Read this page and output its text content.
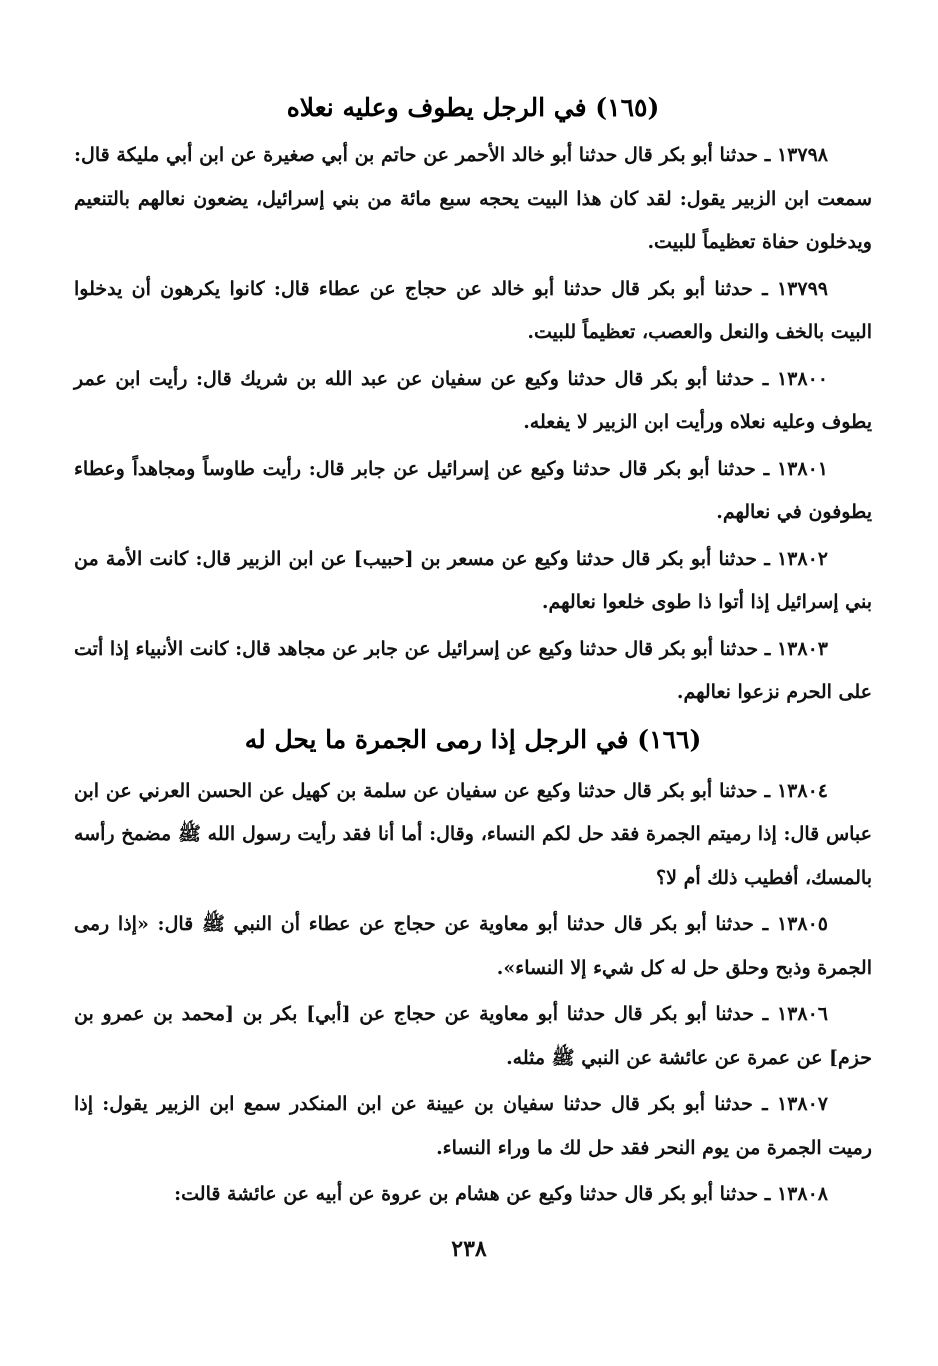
(١٦٥) في الرجل يطوف وعليه نعلاه

١٣٧٩٨ ـ حدثنا أبو بكر قال حدثنا أبو خالد الأحمر عن حاتم بن أبي صغيرة عن ابن أبي مليكة قال: سمعت ابن الزبير يقول: لقد كان هذا البيت يحجه سبع مائة من بني إسرائيل، يضعون نعالهم بالتنعيم ويدخلون حفاة تعظيماً للبيت.

١٣٧٩٩ ـ حدثنا أبو بكر قال حدثنا أبو خالد عن حجاج عن عطاء قال: كانوا يكرهون أن يدخلوا البيت بالخف والنعل والعصب، تعظيماً للبيت.

١٣٨٠٠ ـ حدثنا أبو بكر قال حدثنا وكيع عن سفيان عن عبد الله بن شريك قال: رأيت ابن عمر يطوف وعليه نعلاه ورأيت ابن الزبير لا يفعله.

١٣٨٠١ ـ حدثنا أبو بكر قال حدثنا وكيع عن إسرائيل عن جابر قال: رأيت طاوساً ومجاهداً وعطاء يطوفون في نعالهم.

١٣٨٠٢ ـ حدثنا أبو بكر قال حدثنا وكيع عن مسعر بن [حبيب] عن ابن الزبير قال: كانت الأمة من بني إسرائيل إذا أتوا ذا طوى خلعوا نعالهم.

١٣٨٠٣ ـ حدثنا أبو بكر قال حدثنا وكيع عن إسرائيل عن جابر عن مجاهد قال: كانت الأنبياء إذا أتت على الحرم نزعوا نعالهم.

(١٦٦) في الرجل إذا رمى الجمرة ما يحل له

١٣٨٠٤ ـ حدثنا أبو بكر قال حدثنا وكيع عن سفيان عن سلمة بن كهيل عن الحسن العرني عن ابن عباس قال: إذا رميتم الجمرة فقد حل لكم النساء، وقال: أما أنا فقد رأيت رسول الله ﷺ مضمخ رأسه بالمسك، أفطيب ذلك أم لا؟

١٣٨٠٥ ـ حدثنا أبو بكر قال حدثنا أبو معاوية عن حجاج عن عطاء أن النبي ﷺ قال: «إذا رمى الجمرة وذبح وحلق حل له كل شيء إلا النساء».

١٣٨٠٦ ـ حدثنا أبو بكر قال حدثنا أبو معاوية عن حجاج عن [أبي] بكر بن [محمد بن عمرو بن حزم] عن عمرة عن عائشة عن النبي ﷺ مثله.

١٣٨٠٧ ـ حدثنا أبو بكر قال حدثنا سفيان بن عيينة عن ابن المنكدر سمع ابن الزبير يقول: إذا رميت الجمرة من يوم النحر فقد حل لك ما وراء النساء.

١٣٨٠٨ ـ حدثنا أبو بكر قال حدثنا وكيع عن هشام بن عروة عن أبيه عن عائشة قالت:

٢٣٨
